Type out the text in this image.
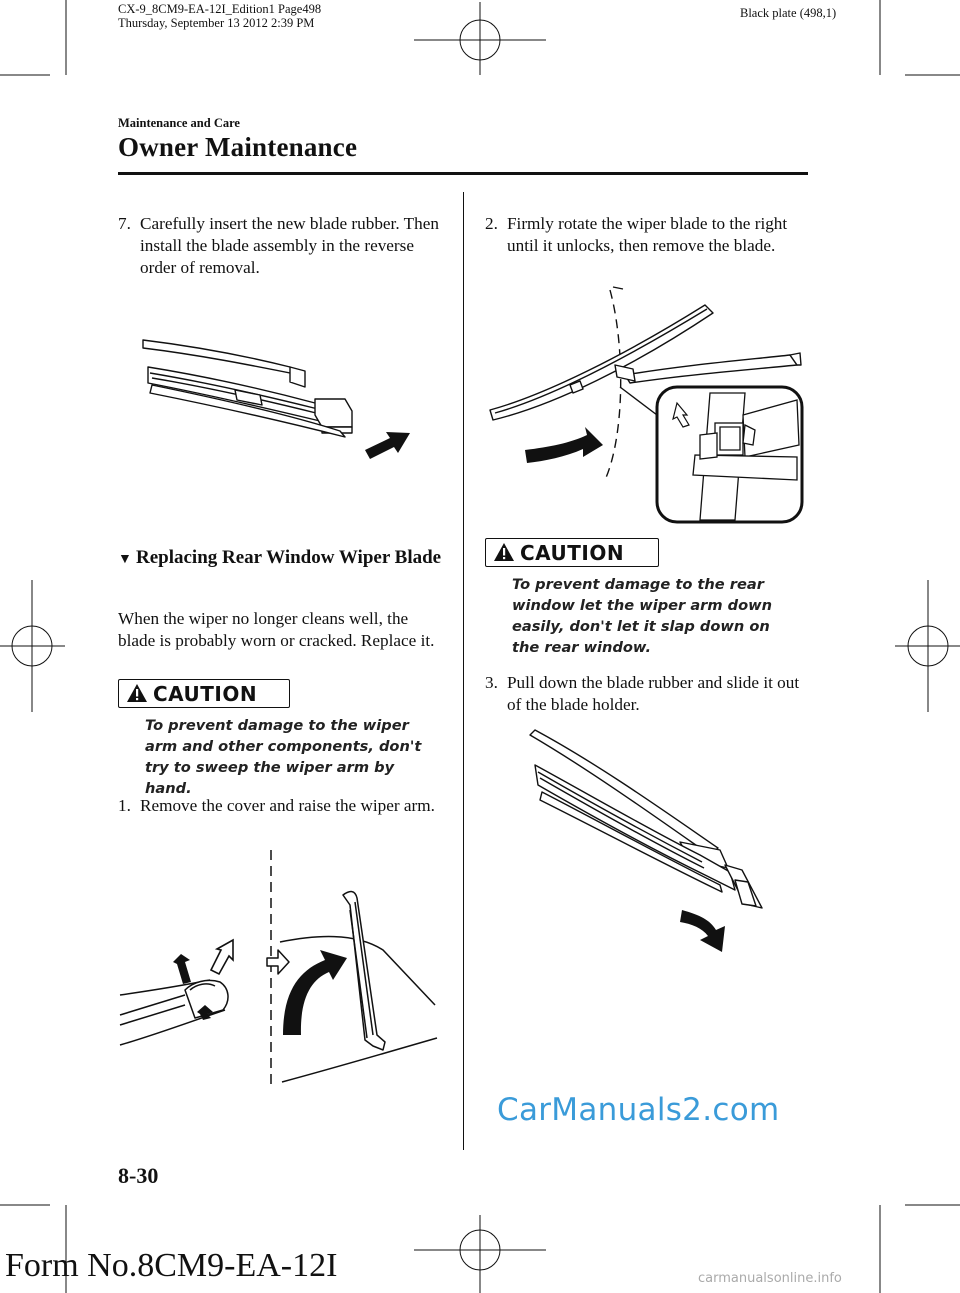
CX-9_8CM9-EA-12I_Edition1 Page498
Thursday, September 13 2012 2:39 PM
Black plate (498,1)
Maintenance and Care
Owner Maintenance
7. Carefully insert the new blade rubber. Then install the blade assembly in the reverse order of removal.
▼ Replacing Rear Window Wiper Blade
When the wiper no longer cleans well, the blade is probably worn or cracked. Replace it.
CAUTION
To prevent damage to the wiper arm and other components, don't try to sweep the wiper arm by hand.
1. Remove the cover and raise the wiper arm.
2. Firmly rotate the wiper blade to the right until it unlocks, then remove the blade.
CAUTION
To prevent damage to the rear window let the wiper arm down easily, don't let it slap down on the rear window.
3. Pull down the blade rubber and slide it out of the blade holder.
CarManuals2.com
8-30
Form No.8CM9-EA-12I	carmanualsonline.info
